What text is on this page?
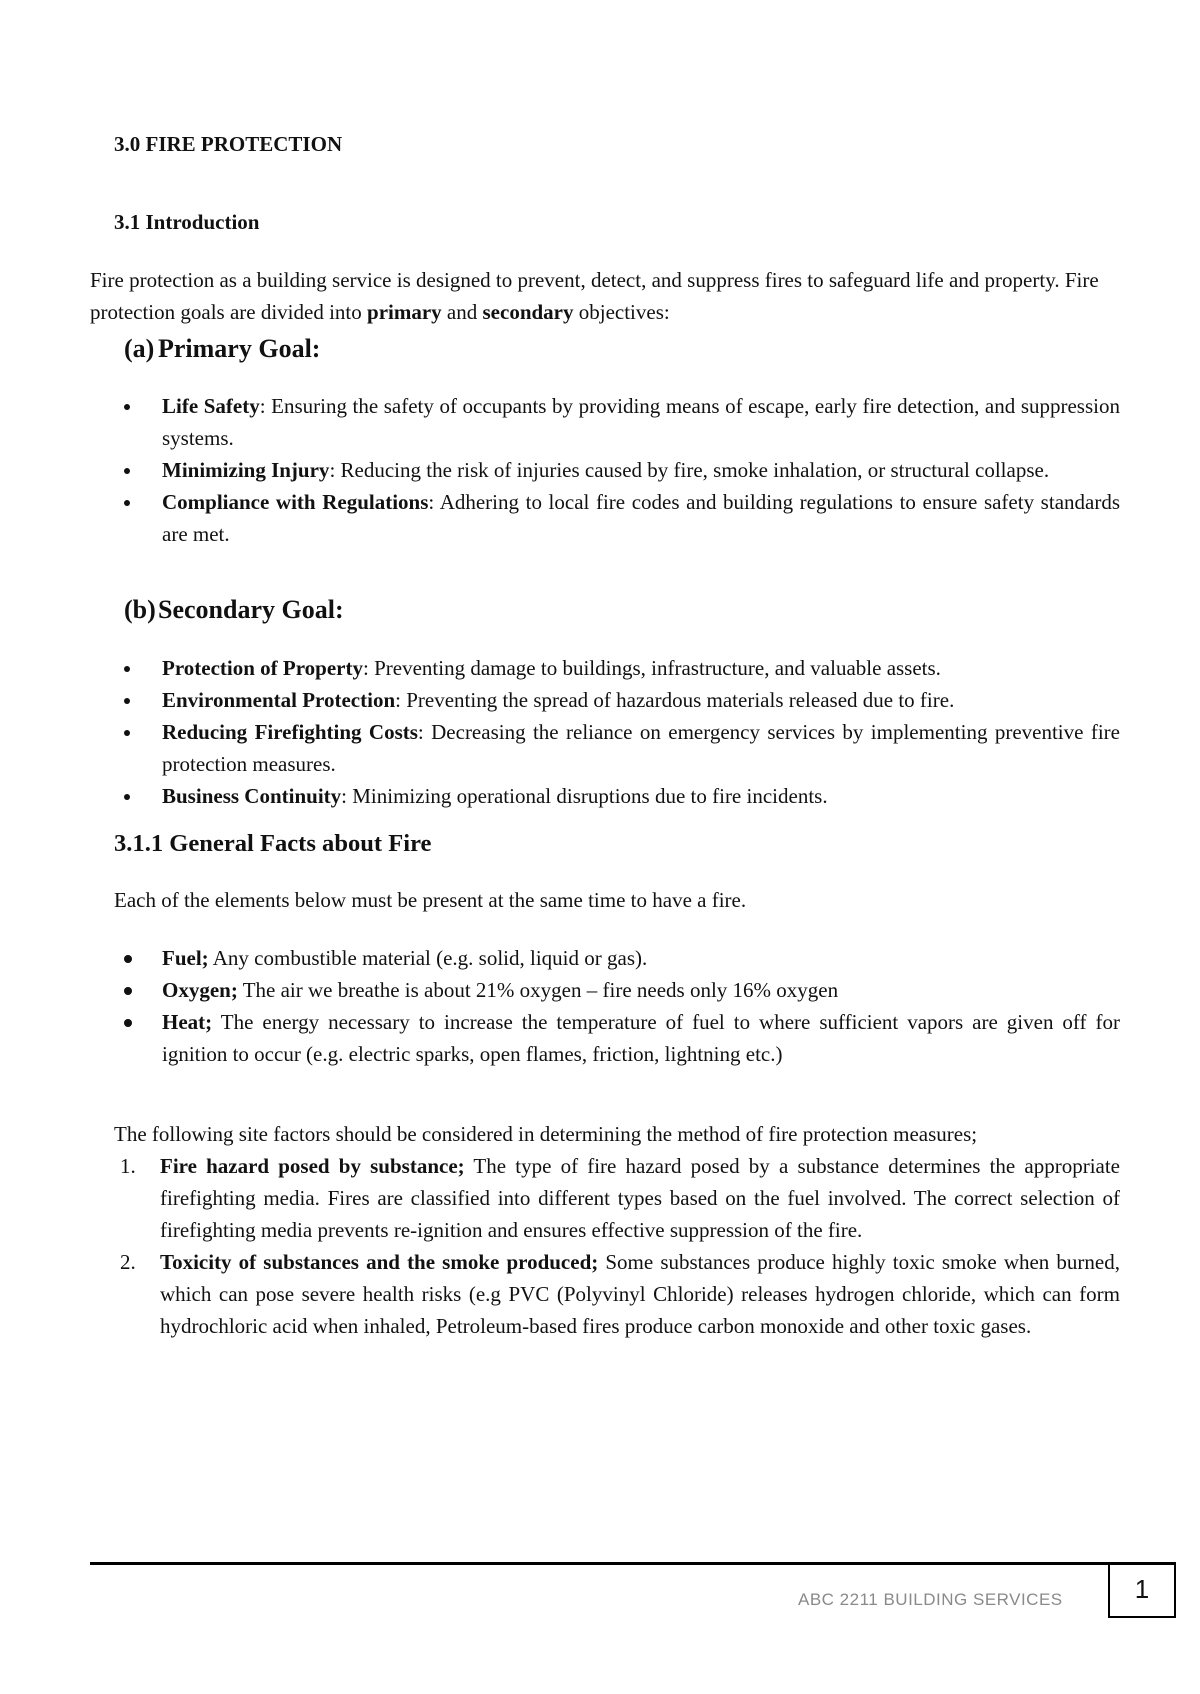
3.0 FIRE PROTECTION
3.1 Introduction

Fire protection as a building service is designed to prevent, detect, and suppress fires to safeguard life and property. Fire protection goals are divided into primary and secondary objectives:

(a) Primary Goal:
Life Safety: Ensuring the safety of occupants by providing means of escape, early fire detection, and suppression systems.
Minimizing Injury: Reducing the risk of injuries caused by fire, smoke inhalation, or structural collapse.
Compliance with Regulations: Adhering to local fire codes and building regulations to ensure safety standards are met.
(b)Secondary Goal:
Protection of Property: Preventing damage to buildings, infrastructure, and valuable assets.
Environmental Protection: Preventing the spread of hazardous materials released due to fire.
Reducing Firefighting Costs: Decreasing the reliance on emergency services by implementing preventive fire protection measures.
Business Continuity: Minimizing operational disruptions due to fire incidents.
3.1.1 General Facts about Fire

Each of the elements below must be present at the same time to have a fire.

Fuel; Any combustible material (e.g. solid, liquid or gas).
Oxygen; The air we breathe is about 21% oxygen – fire needs only 16% oxygen
Heat; The energy necessary to increase the temperature of fuel to where sufficient vapors are given off for ignition to occur (e.g. electric sparks, open flames, friction, lightning etc.)

The following site factors should be considered in determining the method of fire protection measures;

1. Fire hazard posed by substance; The type of fire hazard posed by a substance determines the appropriate firefighting media. Fires are classified into different types based on the fuel involved. The correct selection of firefighting media prevents re-ignition and ensures effective suppression of the fire.
2. Toxicity of substances and the smoke produced; Some substances produce highly toxic smoke when burned, which can pose severe health risks (e.g PVC (Polyvinyl Chloride) releases hydrogen chloride, which can form hydrochloric acid when inhaled, Petroleum-based fires produce carbon monoxide and other toxic gases.
ABC 2211 BUILDING SERVICES	1
